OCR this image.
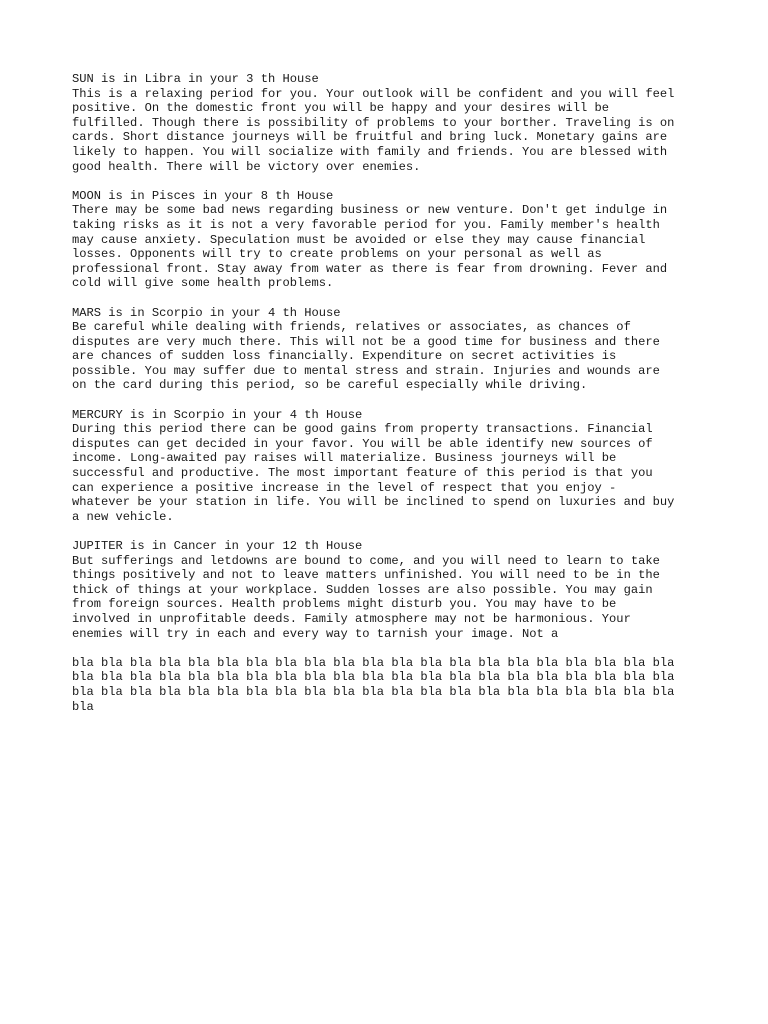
SUN is in Libra in your 3 th House
This is a relaxing period for you. Your outlook will be confident and you will feel
positive. On the domestic front you will be happy and your desires will be
fulfilled. Though there is possibility of problems to your borther. Traveling is on
cards. Short distance journeys will be fruitful and bring luck. Monetary gains are
likely to happen. You will socialize with family and friends. You are blessed with
good health. There will be victory over enemies.
MOON is in Pisces in your 8 th House
There may be some bad news regarding business or new venture. Don't get indulge in
taking risks as it is not a very favorable period for you. Family member's health
may cause anxiety. Speculation must be avoided or else they may cause financial
losses. Opponents will try to create problems on your personal as well as
professional front. Stay away from water as there is fear from drowning. Fever and
cold will give some health problems.
MARS is in Scorpio in your 4 th House
Be careful while dealing with friends, relatives or associates, as chances of
disputes are very much there. This will not be a good time for business and there
are chances of sudden loss financially. Expenditure on secret activities is
possible. You may suffer due to mental stress and strain. Injuries and wounds are
on the card during this period, so be careful especially while driving.
MERCURY is in Scorpio in your 4 th House
During this period there can be good gains from property transactions. Financial
disputes can get decided in your favor. You will be able identify new sources of
income. Long-awaited pay raises will materialize. Business journeys will be
successful and productive. The most important feature of this period is that you
can experience a positive increase in the level of respect that you enjoy -
whatever be your station in life. You will be inclined to spend on luxuries and buy
a new vehicle.
JUPITER is in Cancer in your 12 th House
But sufferings and letdowns are bound to come, and you will need to learn to take
things positively and not to leave matters unfinished. You will need to be in the
thick of things at your workplace. Sudden losses are also possible. You may gain
from foreign sources. Health problems might disturb you. You may have to be
involved in unprofitable deeds. Family atmosphere may not be harmonious. Your
enemies will try in each and every way to tarnish your image. Not a
bla bla bla bla bla bla bla bla bla bla bla bla bla bla bla bla bla bla bla bla bla
bla bla bla bla bla bla bla bla bla bla bla bla bla bla bla bla bla bla bla bla bla
bla bla bla bla bla bla bla bla bla bla bla bla bla bla bla bla bla bla bla bla bla
bla
